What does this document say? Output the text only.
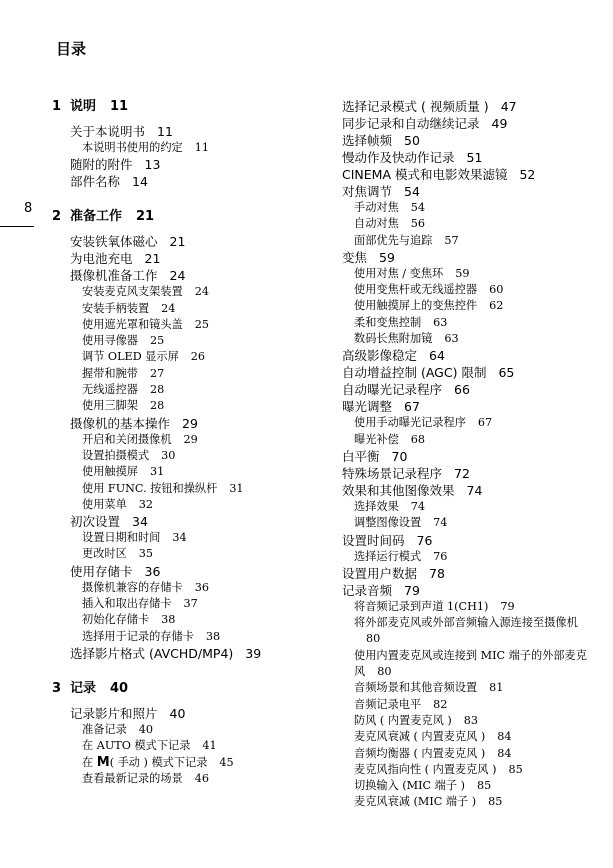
目录
8
1 说明 11
关于本说明书 11
本说明书使用的约定 11
随附的附件 13
部件名称 14
2 准备工作 21
安装铁氧体磁心 21
为电池充电 21
摄像机准备工作 24
安装麦克风支架装置 24
安装手柄装置 24
使用遮光罩和镜头盖 25
使用寻像器 25
调节 OLED 显示屏 26
握带和腕带 27
无线遥控器 28
使用三脚架 28
摄像机的基本操作 29
开启和关闭摄像机 29
设置拍摄模式 30
使用触摸屏 31
使用 FUNC. 按钮和操纵杆 31
使用菜单 32
初次设置 34
设置日期和时间 34
更改时区 35
使用存储卡 36
摄像机兼容的存储卡 36
插入和取出存储卡 37
初始化存储卡 38
选择用于记录的存储卡 38
选择影片格式 (AVCHD/MP4) 39
3 记录 40
记录影片和照片 40
准备记录 40
在 AUTO 模式下记录 41
在 M( 手动 ) 模式下记录 45
查看最新记录的场景 46
选择记录模式 ( 视频质量 ) 47
同步记录和自动继续记录 49
选择帧频 50
慢动作及快动作记录 51
CINEMA 模式和电影效果滤镜 52
对焦调节 54
手动对焦 54
自动对焦 56
面部优先与追踪 57
变焦 59
使用对焦 / 变焦环 59
使用变焦杆或无线遥控器 60
使用触摸屏上的变焦控件 62
柔和变焦控制 63
数码长焦附加镜 63
高级影像稳定 64
自动增益控制 (AGC) 限制 65
自动曝光记录程序 66
曝光调整 67
使用手动曝光记录程序 67
曝光补偿 68
白平衡 70
特殊场景记录程序 72
效果和其他图像效果 74
选择效果 74
调整图像设置 74
设置时间码 76
选择运行模式 76
设置用户数据 78
记录音频 79
将音频记录到声道 1(CH1) 79
将外部麦克风或外部音频输入源连接至摄像机80
使用内置麦克风或连接到 MIC 端子的外部麦克风 80
音频场景和其他音频设置 81
音频记录电平 82
防风 ( 内置麦克风 ) 83
麦克风衰减 ( 内置麦克风 ) 84
音频均衡器 ( 内置麦克风 ) 84
麦克风指向性 ( 内置麦克风 ) 85
切换输入 (MIC 端子 ) 85
麦克风衰减 (MIC 端子 ) 85
